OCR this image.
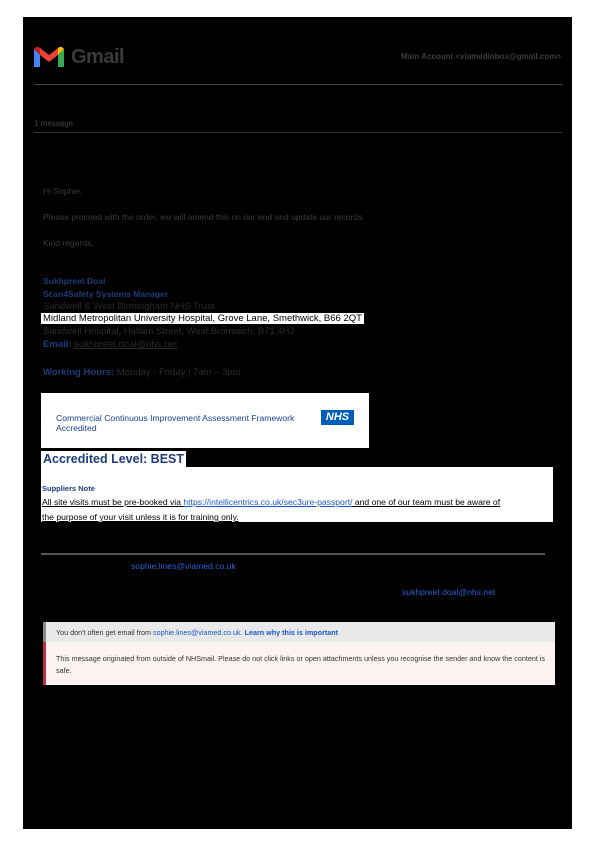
Gmail	Main Account <viamedinbox@gmail.com>
1 message
Hi Sophie,
Please proceed with the order, we will amend this on our end and update our records.
Kind regards,
Sukhpreet Doal
Scan4Safety Systems Manager
Sandwell & West Birmingham NHS Trust
Midland Metropolitan University Hospital, Grove Lane, Smethwick, B66 2QT
Sandwell Hospital, Hallam Street, West Bromwich, B71 4HJ
Email: sukhpreet.doal@nhs.net
Working Hours: Monday - Friday | 7am – 3pm
Commercial Continuous Improvement Assessment Framework
Accredited
NHS
Accredited Level: BEST
Suppliers Note
All site visits must be pre-booked via https://intellicentrics.co.uk/sec3ure-passport/ and one of our team must be aware of
the purpose of your visit unless it is for training only.
sophie.lines@viamed.co.uk
sukhpreet.doal@nhs.net
You don't often get email from sophie.lines@viamed.co.uk. Learn why this is important
This message originated from outside of NHSmail. Please do not click links or open attachments unless you recognise the sender and know the content is safe.
